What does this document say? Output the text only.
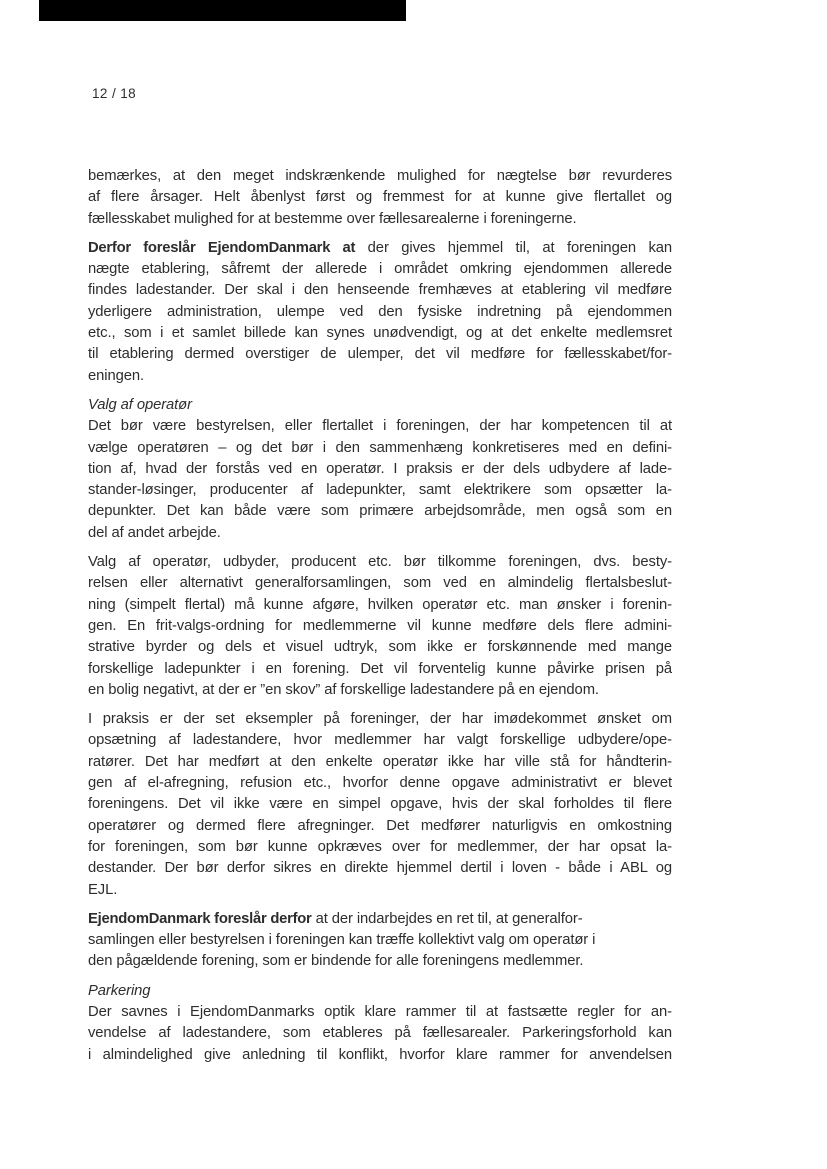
12 / 18
bemærkes, at den meget indskrænkende mulighed for nægtelse bør revurderes
af flere årsager. Helt åbenlyst først og fremmest for at kunne give flertallet og
fællesskabet mulighed for at bestemme over fællesarealerne i foreningerne.
Derfor foreslår EjendomDanmark at der gives hjemmel til, at foreningen kan
nægte etablering, såfremt der allerede i området omkring ejendommen allerede
findes ladestander. Der skal i den henseende fremhæves at etablering vil medføre
yderligere administration, ulempe ved den fysiske indretning på ejendommen
etc., som i et samlet billede kan synes unødvendigt, og at det enkelte medlemsret
til etablering dermed overstiger de ulemper, det vil medføre for fællesskabet/for-
eningen.
Valg af operatør
Det bør være bestyrelsen, eller flertallet i foreningen, der har kompetencen til at
vælge operatøren – og det bør i den sammenhæng konkretiseres med en defini-
tion af, hvad der forstås ved en operatør. I praksis er der dels udbydere af lade-
stander-løsinger, producenter af ladepunkter, samt elektrikere som opsætter la-
depunkter. Det kan både være som primære arbejdsområde, men også som en
del af andet arbejde.
Valg af operatør, udbyder, producent etc. bør tilkomme foreningen, dvs. besty-
relsen eller alternativt generalforsamlingen, som ved en almindelig flertalsbeslut-
ning (simpelt flertal) må kunne afgøre, hvilken operatør etc. man ønsker i forenin-
gen. En frit-valgs-ordning for medlemmerne vil kunne medføre dels flere admini-
strative byrder og dels et visuel udtryk, som ikke er forskønnende med mange
forskellige ladepunkter i en forening. Det vil forventelig kunne påvirke prisen på
en bolig negativt, at der er ”en skov” af forskellige ladestandere på en ejendom.
I praksis er der set eksempler på foreninger, der har imødekommet ønsket om
opsætning af ladestandere, hvor medlemmer har valgt forskellige udbydere/ope-
ratører. Det har medført at den enkelte operatør ikke har ville stå for håndterin-
gen af el-afregning, refusion etc., hvorfor denne opgave administrativt er blevet
foreningens. Det vil ikke være en simpel opgave, hvis der skal forholdes til flere
operatører og dermed flere afregninger. Det medfører naturligvis en omkostning
for foreningen, som bør kunne opkræves over for medlemmer, der har opsat la-
destander. Der bør derfor sikres en direkte hjemmel dertil i loven - både i ABL og
EJL.
EjendomDanmark foreslår derfor at der indarbejdes en ret til, at generalfor-
samlingen eller bestyrelsen i foreningen kan træffe kollektivt valg om operatør i
den pågældende forening, som er bindende for alle foreningens medlemmer.
Parkering
Der savnes i EjendomDanmarks optik klare rammer til at fastsætte regler for an-
vendelse af ladestandere, som etableres på fællesarealer. Parkeringsforhold kan
i almindelighed give anledning til konflikt, hvorfor klare rammer for anvendelsen
